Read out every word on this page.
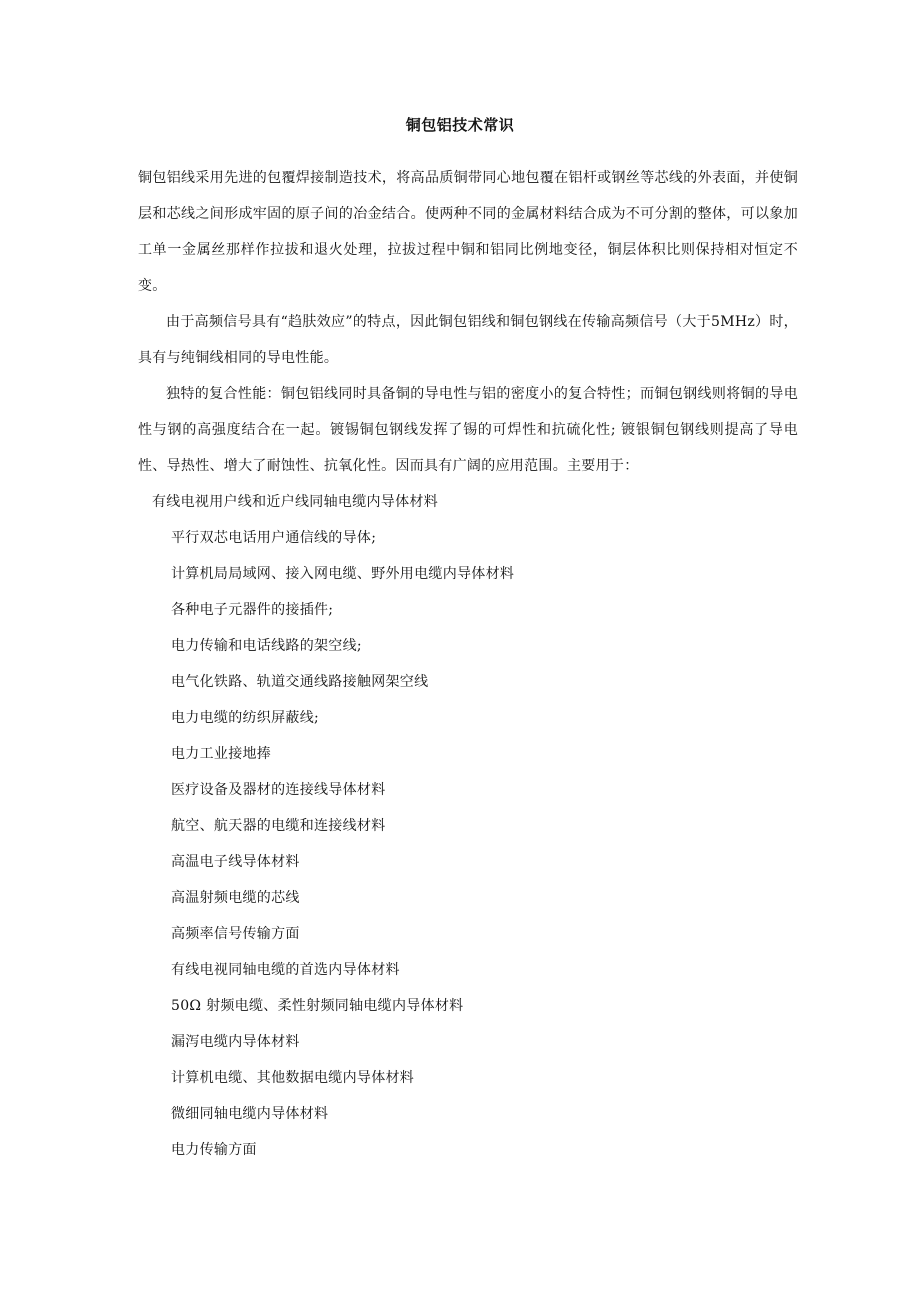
铜包铝技术常识

铜包铝线采用先进的包覆焊接制造技术，将高品质铜带同心地包覆在铝杆或钢丝等芯线的外表面，并使铜层和芯线之间形成牢固的原子间的冶金结合。使两种不同的金属材料结合成为不可分割的整体，可以象加工单一金属丝那样作拉拔和退火处理，拉拔过程中铜和铝同比例地变径，铜层体积比则保持相对恒定不变。

由于高频信号具有“趋肤效应”的特点，因此铜包铝线和铜包钢线在传输高频信号（大于5MHz）时，具有与纯铜线相同的导电性能。

独特的复合性能：铜包铝线同时具备铜的导电性与铝的密度小的复合特性；而铜包钢线则将铜的导电性与钢的高强度结合在一起。镀锡铜包钢线发挥了锡的可焊性和抗硫化性; 镀银铜包钢线则提高了导电性、导热性、增大了耐蚀性、抗氧化性。因而具有广阔的应用范围。主要用于：

有线电视用户线和近户线同轴电缆内导体材料

平行双芯电话用户通信线的导体;
计算机局局域网、接入网电缆、野外用电缆内导体材料
各种电子元器件的接插件;
电力传输和电话线路的架空线;
电气化铁路、轨道交通线路接触网架空线
电力电缆的纺织屏蔽线;
电力工业接地捧
医疗设备及器材的连接线导体材料
航空、航天器的电缆和连接线材料
高温电子线导体材料
高温射频电缆的芯线
高频率信号传输方面
有线电视同轴电缆的首选内导体材料
50Ω 射频电缆、柔性射频同轴电缆内导体材料
漏泻电缆内导体材料
计算机电缆、其他数据电缆内导体材料
微细同轴电缆内导体材料
电力传输方面
